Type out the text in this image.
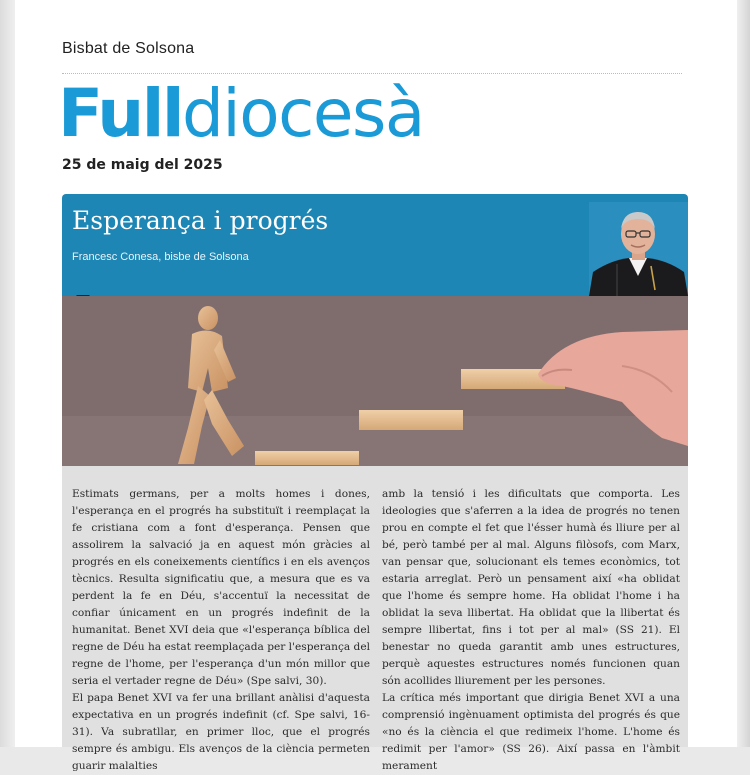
Bisbat de Solsona
Fulldiocesà
25 de maig del 2025
Esperança i progrés
Francesc Conesa, bisbe de Solsona

Estimats germans, per a molts homes i dones, l'esperança en el progrés ha substituït i reemplaçat la fe cristiana com a font d'esperança. Pensen que assolirem la salvació ja en aquest món gràcies al progrés en els coneixements científics i en els avenços tècnics. Resulta significatiu que, a mesura que es va perdent la fe en Déu, s'accentuï la necessitat de confiar únicament en un progrés indefinit de la humanitat. Benet XVI deia que «l'esperança bíblica del regne de Déu ha estat reemplaçada per l'esperança del regne de l'home, per l'esperança d'un món millor que seria el vertader regne de Déu» (Spe salvi, 30).

El papa Benet XVI va fer una brillant anàlisi d'aquesta expectativa en un progrés indefinit (cf. Spe salvi, 16-31). Va subratllar, en primer lloc, que el progrés sempre és ambigu. Els avenços de la ciència permeten guarir malalties

amb la tensió i les dificultats que comporta. Les ideologies que s'aferren a la idea de progrés no tenen prou en compte el fet que l'ésser humà és lliure per al bé, però també per al mal. Alguns filòsofs, com Marx, van pensar que, solucionant els temes econòmics, tot estaria arreglat. Però un pensament així «ha oblidat que l'home és sempre home. Ha oblidat l'home i ha oblidat la seva llibertat. Ha oblidat que la llibertat és sempre llibertat, fins i tot per al mal» (SS 21). El benestar no queda garantit amb unes estructures, perquè aquestes estructures només funcionen quan són acollides lliurement per les persones.

La crítica més important que dirigia Benet XVI a una comprensió ingènuament optimista del progrés és que «no és la ciència el que redimeix l'home. L'home és redimit per l'amor» (SS 26). Així passa en l'àmbit merament
